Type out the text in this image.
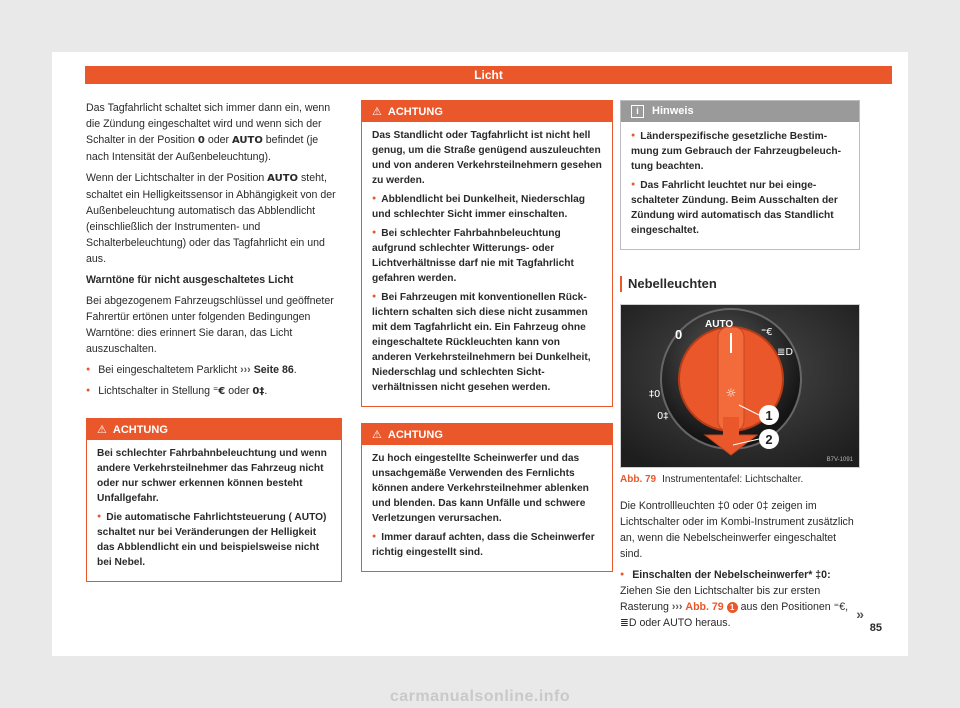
Licht

Das Tagfahrlicht schaltet sich immer dann ein, wenn die Zündung eingeschaltet wird und wenn sich der Schalter in der Position 0 oder AUTO befindet (je nach Intensität der Außenbeleuchtung).

Wenn der Lichtschalter in der Position AUTO steht, schaltet ein Helligkeitssensor in Abhängigkeit von der Außenbeleuchtung automatisch das Abblendlicht (einschließlich der Instrumenten- und Schalterbeleuchtung) oder das Tagfahrlicht ein und aus.

Warntöne für nicht ausgeschaltetes Licht

Bei abgezogenem Fahrzeugschlüssel und geöffneter Fahrertür ertönen unter folgenden Bedingungen Warntöne: dies erinnert Sie daran, das Licht auszuschalten.

● Bei eingeschaltetem Parklicht ››› Seite 86.

● Lichtschalter in Stellung ⁼€ oder 0‡.

⚠ ACHTUNG

Bei schlechter Fahrbahnbeleuchtung und wenn andere Verkehrsteilnehmer das Fahrzeug nicht oder nur schwer erkennen können besteht Unfallgefahr.

● Die automatische Fahrlichtsteuerung ( AUTO) schaltet nur bei Veränderungen der Helligkeit das Abblendlicht ein und beispielsweise nicht bei Nebel.

⚠ ACHTUNG

Das Standlicht oder Tagfahrlicht ist nicht hell genug, um die Straße genügend auszuleuchten und von anderen Verkehrsteilnehmern gesehen zu werden.

● Abblendlicht bei Dunkelheit, Niederschlag und schlechter Sicht immer einschalten.

● Bei schlechter Fahrbahnbeleuchtung aufgrund schlechter Witterungs- oder Lichtverhältnisse darf nie mit Tagfahrlicht gefahren werden.

● Bei Fahrzeugen mit konventionellen Rücklichtern schalten sich diese nicht zusammen mit dem Tagfahrlicht ein. Ein Fahrzeug ohne eingeschaltete Rückleuchten kann von anderen Verkehrsteilnehmern bei Dunkelheit, Niederschlag und schlechten Sichtverhältnissen nicht gesehen werden.

⚠ ACHTUNG

Zu hoch eingestellte Scheinwerfer und das unsachgemäße Verwenden des Fernlichts können andere Verkehrsteilnehmer ablenken und blenden. Das kann Unfälle und schwere Verletzungen verursachen.

● Immer darauf achten, dass die Scheinwerfer richtig eingestellt sind.

i Hinweis

● Länderspezifische gesetzliche Bestimmung zum Gebrauch der Fahrzeugbeleuchtung beachten.

● Das Fahrlicht leuchtet nur bei eingeschalteter Zündung. Beim Ausschalten der Zündung wird automatisch das Standlicht eingeschaltet.

Nebelleuchten
☼
0
AUTO
⁼€
≣D
‡0
0‡	1
2
B7V-1091
Abb. 79 Instrumententafel: Lichtschalter.

Die Kontrollleuchten ‡0 oder 0‡ zeigen im Lichtschalter oder im Kombi-Instrument zusätzlich an, wenn die Nebelscheinwerfer eingeschaltet sind.

● Einschalten der Nebelscheinwerfer* ‡0: Ziehen Sie den Lichtschalter bis zur ersten Rasterung ››› Abb. 79 1 aus den Positionen ⁼€, ≣D oder AUTO heraus.

»
85
carmanualsonline.info
